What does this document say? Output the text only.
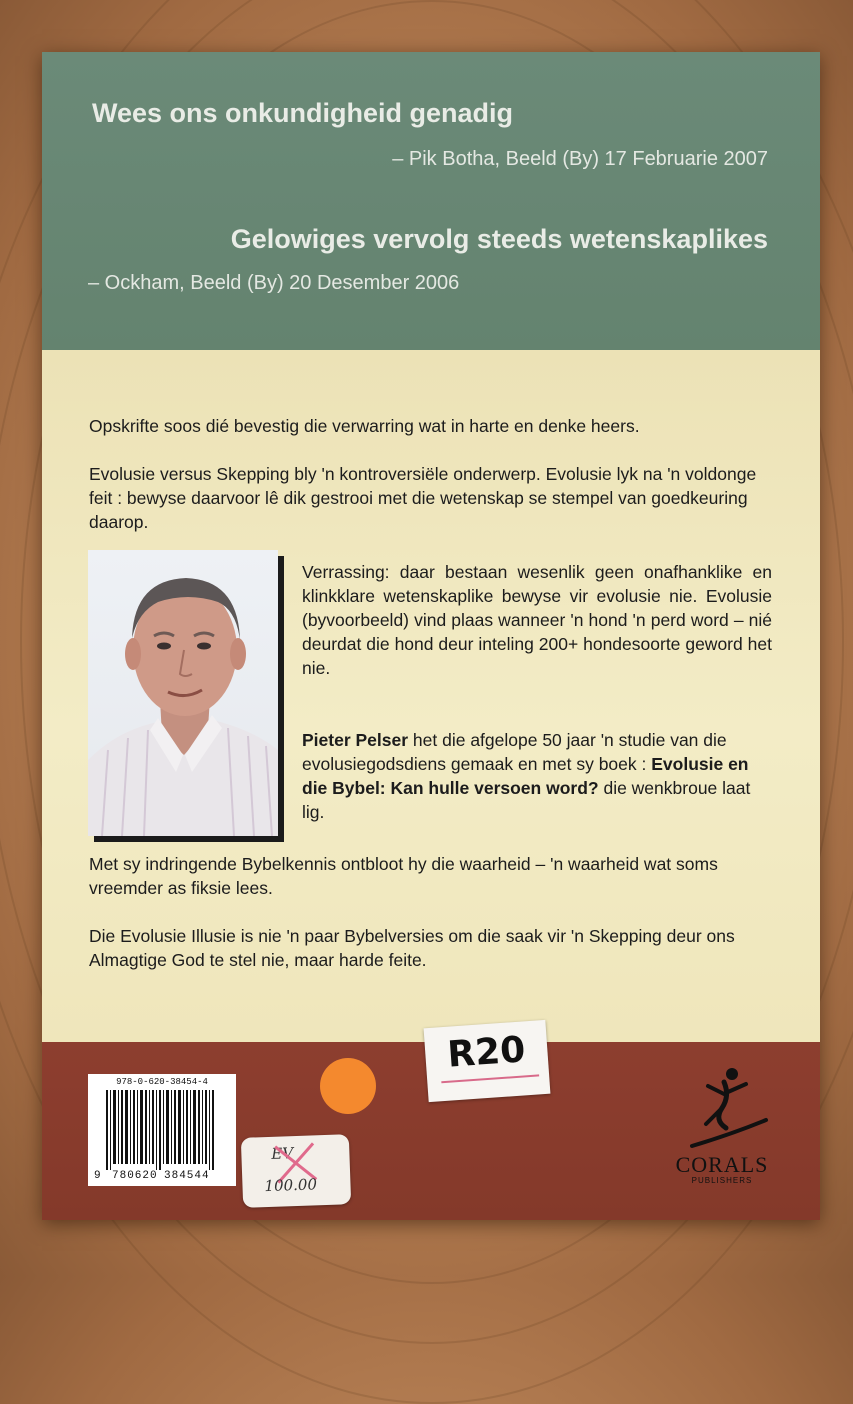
Wees ons onkundigheid genadig
– Pik Botha, Beeld (By) 17 Februarie 2007
Gelowiges vervolg steeds wetenskaplikes
– Ockham, Beeld (By) 20 Desember 2006

Opskrifte soos dié bevestig die verwarring wat in harte en denke heers.

Evolusie versus Skepping bly 'n kontroversiële onderwerp. Evolusie lyk na 'n voldonge feit : bewyse daarvoor lê dik gestrooi met die wetenskap se stempel van goedkeuring daarop.

Verrassing: daar bestaan wesenlik geen onafhanklike en klinkklare wetenskaplike bewyse vir evolusie nie. Evolusie (byvoorbeeld) vind plaas wanneer 'n hond 'n perd word – nié deurdat die hond deur inteling 200+ hondesoorte geword het nie.
Pieter Pelser het die afgelope 50 jaar 'n studie van die evolusiegodsdiens gemaak en met sy boek : Evolusie en die Bybel: Kan hulle versoen word? die wenkbroue laat lig.

Met sy indringende Bybelkennis ontbloot hy die waarheid – 'n waarheid wat soms vreemder as fiksie lees.

Die Evolusie Illusie is nie 'n paar Bybelversies om die saak vir 'n Skepping deur ons Almagtige God te stel nie, maar harde feite.

978-0-620-38454-4
9 780620 384544
R20
EV
100.00
CORALS
PUBLISHERS
